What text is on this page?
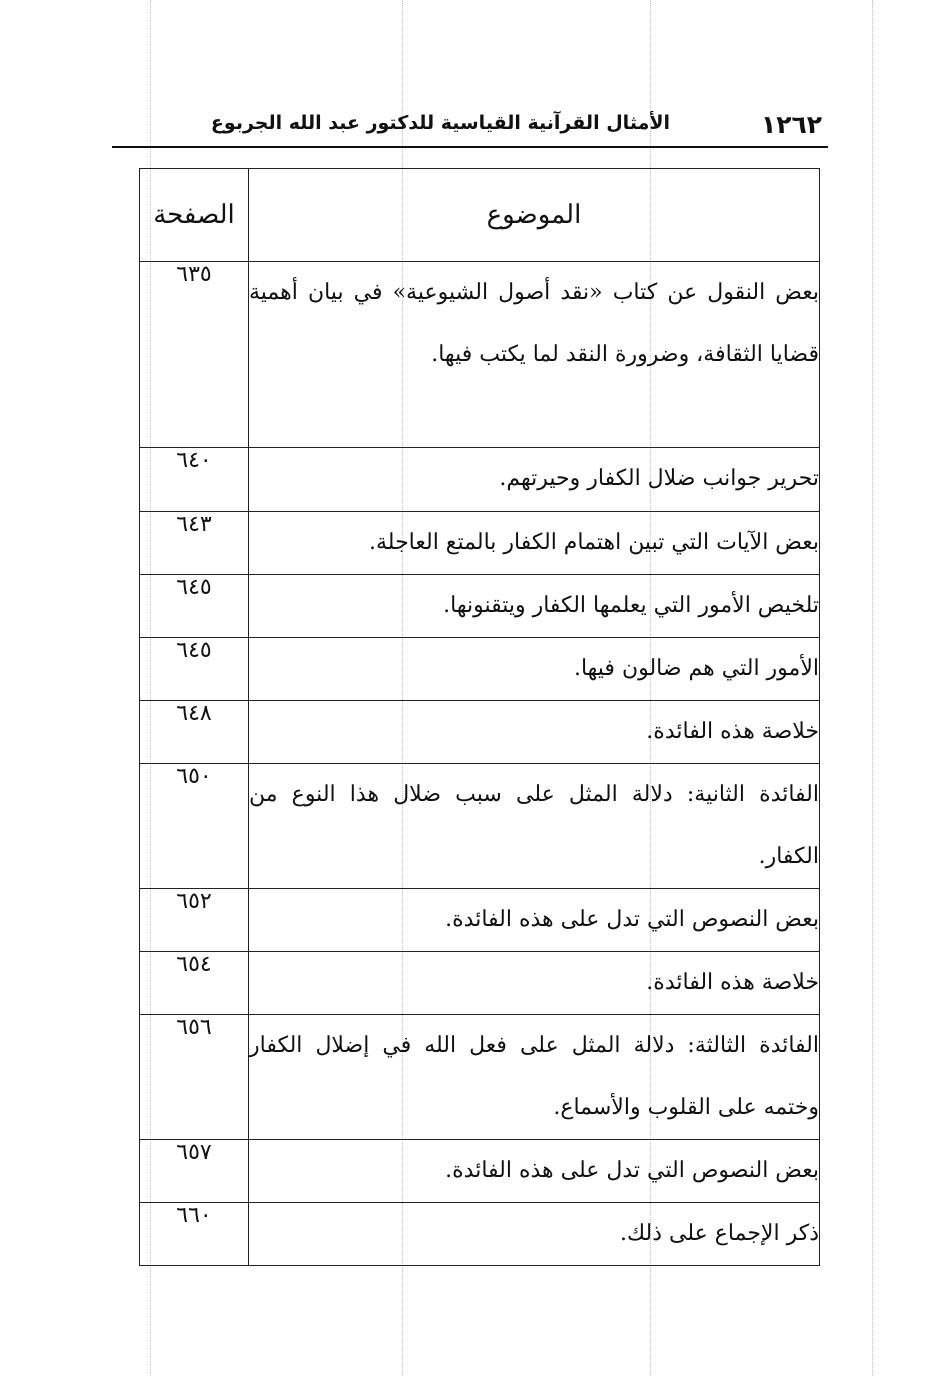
١٢٦٢
الأمثال القرآنية القياسية للدكتور عبد الله الجربوع
الموضوع	الصفحة
بعض النقول عن كتاب «نقد أصول الشيوعية» في بيان أهمية قضايا الثقافة، وضرورة النقد لما يكتب فيها.	٦٣٥
تحرير جوانب ضلال الكفار وحيرتهم.	٦٤٠
بعض الآيات التي تبين اهتمام الكفار بالمتع العاجلة.	٦٤٣
تلخيص الأمور التي يعلمها الكفار ويتقنونها.	٦٤٥
الأمور التي هم ضالون فيها.	٦٤٥
خلاصة هذه الفائدة.	٦٤٨
الفائدة الثانية: دلالة المثل على سبب ضلال هذا النوع من الكفار.	٦٥٠
بعض النصوص التي تدل على هذه الفائدة.	٦٥٢
خلاصة هذه الفائدة.	٦٥٤
الفائدة الثالثة: دلالة المثل على فعل الله في إضلال الكفار وختمه على القلوب والأسماع.	٦٥٦
بعض النصوص التي تدل على هذه الفائدة.	٦٥٧
ذكر الإجماع على ذلك.	٦٦٠
